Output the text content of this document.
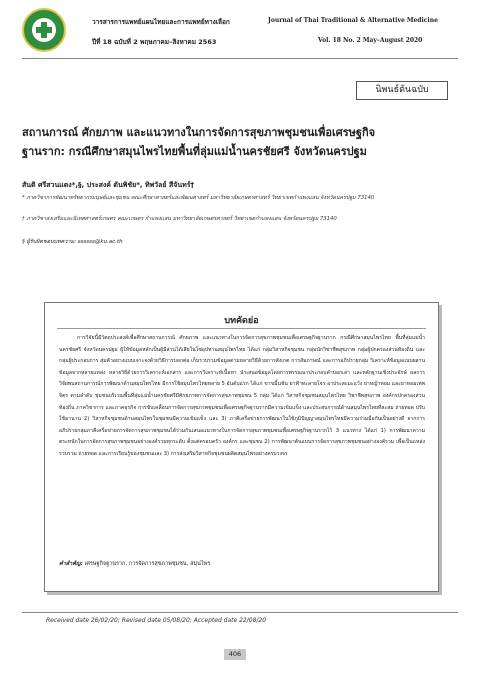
วารสารการแพทย์แผนไทยและการแพทย์ทางเลือก	Journal of Thai Traditional & Alternative Medicine
ปีที่ 18 ฉบับที่ 2 พฤษภาคม–สิงหาคม 2563	Vol. 18 No. 2 May–August 2020
นิพนธ์ต้นฉบับ
สถานการณ์ ศักยภาพ และแนวทางในการจัดการสุขภาพชุมชนเพื่อเศรษฐกิจ
ฐานราก: กรณีศึกษาสมุนไพรไทยพื้นที่ลุ่มแม่น้ำนครชัยศรี จังหวัดนครปฐม
สันติ ศรีสวนแตง*,§, ประสงค์ ตันพิชัย*, ทิพวัลย์ สีจันทร์†
* ภาควิชาการพัฒนาทรัพยากรมนุษย์และชุมชน คณะศึกษาศาสตร์และพัฒนศาสตร์ มหาวิทยาลัยเกษตรศาสตร์ วิทยาเขตกำแพงแสน จังหวัดนครปฐม 73140
† ภาควิชาส่งเสริมและนิเทศศาสตร์เกษตร คณะเกษตร กำแพงแสน มหาวิทยาลัยเกษตรศาสตร์ วิทยาเขตกำแพงแสน จังหวัดนครปฐม 73140
§ ผู้รับผิดชอบบทความ: ssssss@ku.ac.th
บทคัดย่อ
การวิจัยนี้มีวัตถุประสงค์เพื่อศึกษาสถานการณ์ ศักยภาพ และแนวทางในการจัดการสุขภาพชุมชนเพื่อเศรษฐกิจฐานราก กรณีศึกษาสมุนไพรไทย พื้นที่ลุ่มแม่น้ำนครชัยศรี จังหวัดนครปฐม ผู้ให้ข้อมูลหลักเป็นผู้มีส่วนได้เสียในโซ่อุปทานสมุนไพรไทย ได้แก่ กลุ่มวิสาหกิจชุมชน กลุ่มนักวิชาชีพสุขภาพ กลุ่มผู้ปกครองส่วนท้องถิ่น และกลุ่มผู้ประกอบการ สุ่มตัวอย่างแบบเจาะจงด้วยวิธีการบอกต่อ เก็บรวบรวมข้อมูลตามหลายวิธีด้วยการสังเกต การสัมภาษณ์ และการอภิปรายกลุ่ม วิเคราะห์ข้อมูลแบบผสานข้อมูลจากหลายแหล่ง หลายวิธีด้วยการวิเคราะห์เอกสาร และการวิเคราะห์เนื้อหา นำเสนอข้อมูลโดยการพรรณนาประกอบคำบอกเล่า และหลักฐานเชิงประจักษ์ ผลการวิจัยพบสถานการณ์การพัฒนาด้านสมุนไพรไทย มีการใช้สมุนไพรไทยหลาย 5 อันดับแรก ได้แก่ ขาขมิ้นชัน ยาฟ้าทะลายโจร อาประสะมะแว้ง ยาหญ้าหอม และยาหอมเทพจิตร ตามลำดับ ชุมชนบริเวณพื้นที่ลุ่มแม่น้ำนครชัยศรีมีศักยภาพการจัดการสุขภาพชุมชน 5 กลุ่ม ได้แก่ วิสาหกิจชุมชนสมุนไพรไทย วิชาชีพสุขภาพ องค์กรปกครองส่วนท้องถิ่น ภาควิชาการ และภาคธุรกิจ การขับเคลื่อนการจัดการสุขภาพชุมชนเพื่อเศรษฐกิจฐานรากมีความเข้มแข็ง และประสบการณ์ด้านสมุนไพรไทยที่สะสม ถ่ายทอด ปรับใช้มานาน 2) วิสาหกิจชุมชนด้านสมุนไพรในชุมชนมีความเข้มแข็ง และ 3) ภาคีเครือข่ายการพัฒนาในใช้ภูมิปัญญาสมุนไพรไทยมีความร่วมมือกันเป็นอย่างดี จากการอภิปรายกลุ่มภาคีเครือข่ายการจัดการสุขภาพชุมชนได้ร่วมกันเสนอแนวทางในการจัดการสุขภาพชุมชนเพื่อเศรษฐกิจฐานรากไว้ 3 แนวทาง ได้แก่ 1) การพัฒนาความตระหนักในการจัดการสุขภาพชุมชนอย่างองค์รวมทุกระดับ ตั้งแต่ครอบครัว องค์กร และชุมชน 2) การพัฒนาต้นแบบการจัดการสุขภาพชุมชนอย่างองค์รวม เพื่อเป็นแหล่งรวบรวม ถ่ายทอด และการเรียนรู้ของชุมชนและ 3) การส่งเสริมวิสาหกิจชุมชนผลิตสมุนไพรอย่างครบวงจร
คำสำคัญ: เศรษฐกิจฐานราก, การจัดการสุขภาพชุมชน, สมุนไพร
Received date 26/02/20; Revised date 05/08/20; Accepted date 22/08/20
406
